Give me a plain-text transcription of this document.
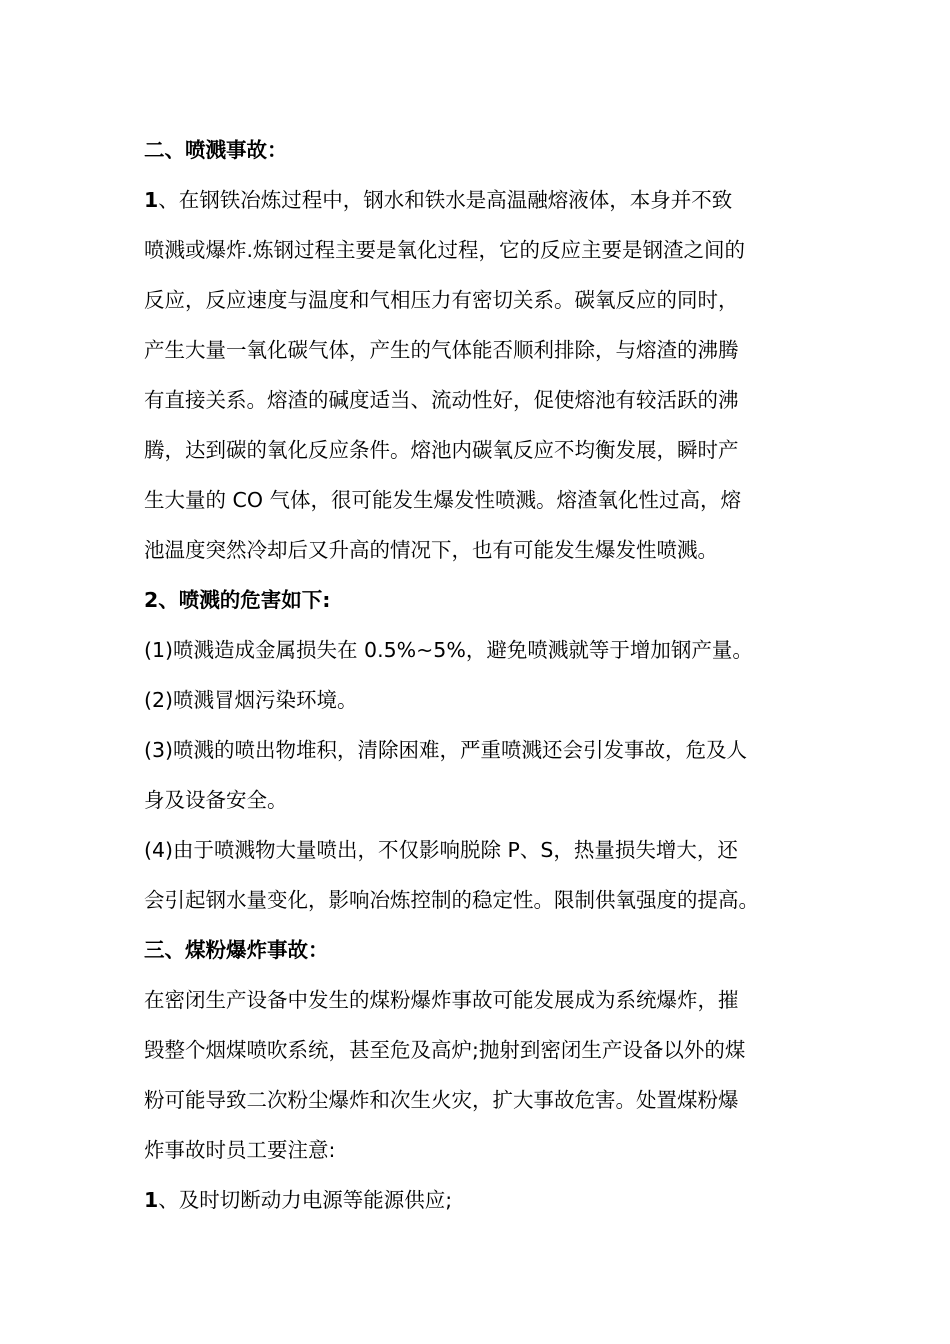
二、喷溅事故：
1、在钢铁冶炼过程中，钢水和铁水是高温融熔液体，本身并不致
喷溅或爆炸.炼钢过程主要是氧化过程，它的反应主要是钢渣之间的
反应，反应速度与温度和气相压力有密切关系。碳氧反应的同时，
产生大量一氧化碳气体，产生的气体能否顺利排除，与熔渣的沸腾
有直接关系。熔渣的碱度适当、流动性好，促使熔池有较活跃的沸
腾，达到碳的氧化反应条件。熔池内碳氧反应不均衡发展，瞬时产
生大量的 CO 气体，很可能发生爆发性喷溅。熔渣氧化性过高，熔
池温度突然冷却后又升高的情况下，也有可能发生爆发性喷溅。
2、喷溅的危害如下:
(1)喷溅造成金属损失在 0.5%~5%，避免喷溅就等于增加钢产量。
(2)喷溅冒烟污染环境。
(3)喷溅的喷出物堆积，清除困难，严重喷溅还会引发事故，危及人
身及设备安全。
(4)由于喷溅物大量喷出，不仅影响脱除 P、S，热量损失增大，还
会引起钢水量变化，影响冶炼控制的稳定性。限制供氧强度的提高。
三、煤粉爆炸事故：
在密闭生产设备中发生的煤粉爆炸事故可能发展成为系统爆炸，摧
毁整个烟煤喷吹系统，甚至危及高炉;抛射到密闭生产设备以外的煤
粉可能导致二次粉尘爆炸和次生火灾，扩大事故危害。处置煤粉爆
炸事故时员工要注意:
1、及时切断动力电源等能源供应;
